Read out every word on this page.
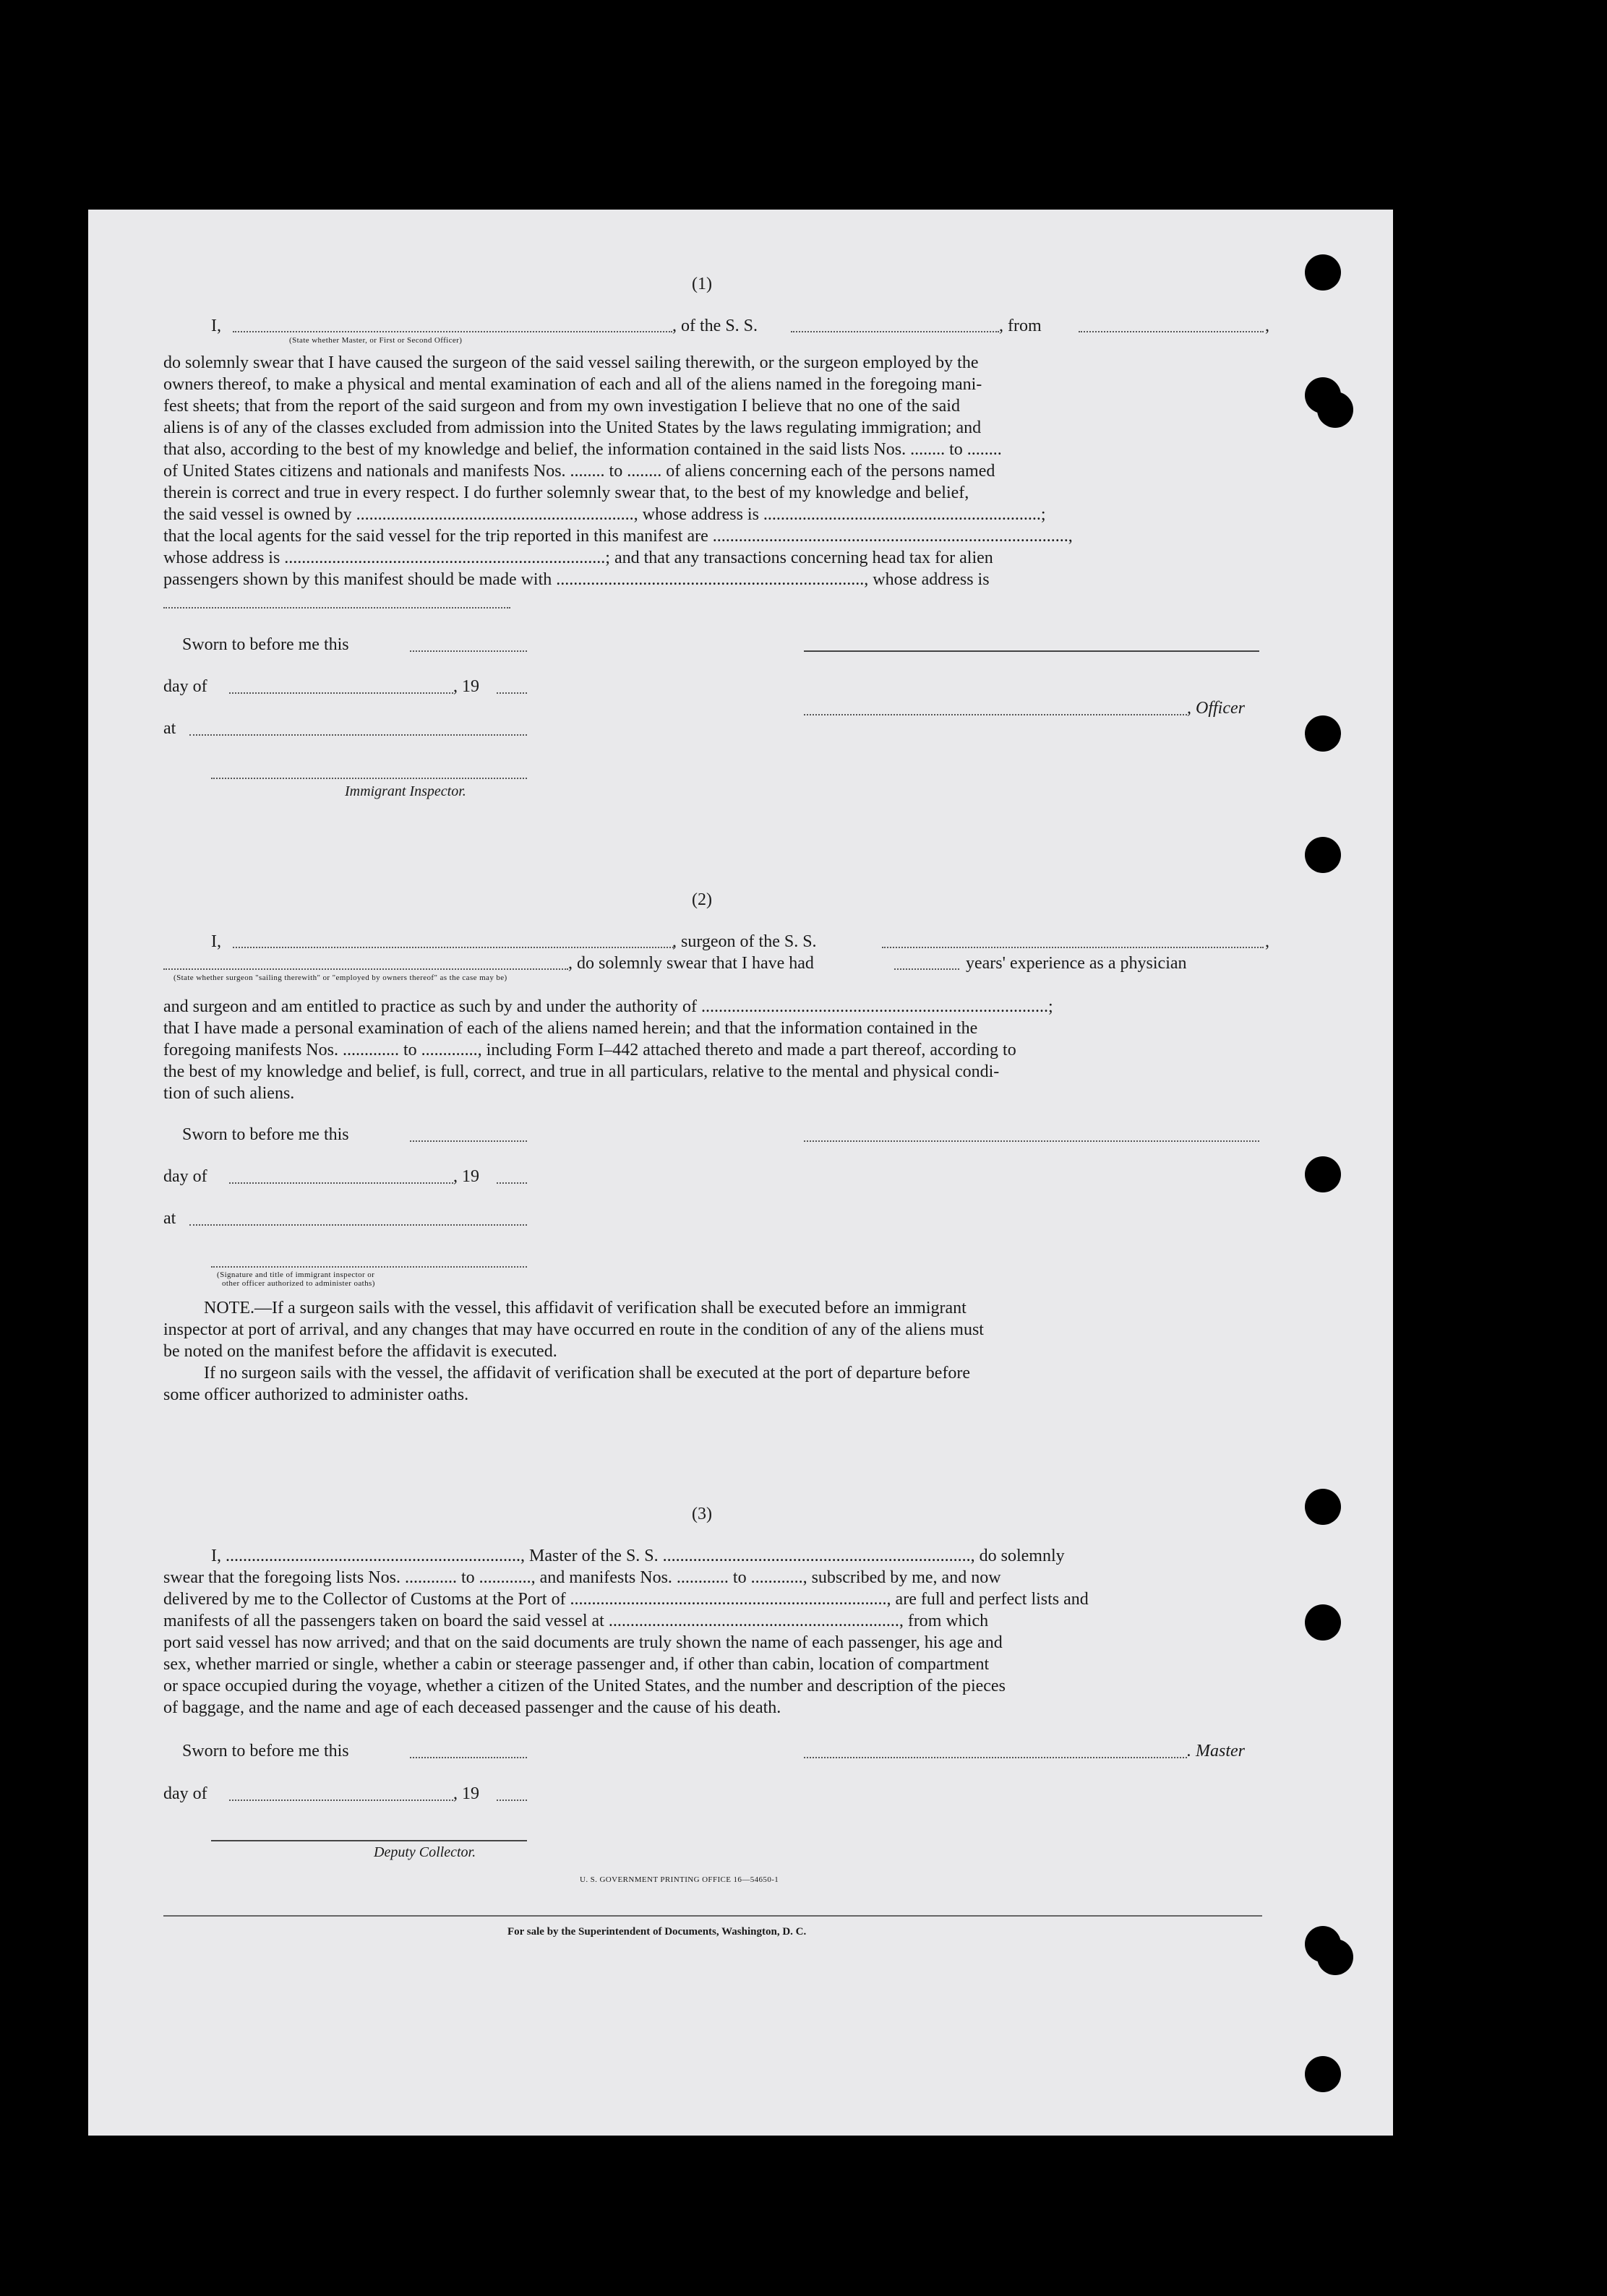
(1)
I,	, of the S. S.	, from	,
(State whether Master, or First or Second Officer)
do solemnly swear that I have caused the surgeon of the said vessel sailing therewith, or the surgeon employed by the
owners thereof, to make a physical and mental examination of each and all of the aliens named in the foregoing mani-
fest sheets; that from the report of the said surgeon and from my own investigation I believe that no one of the said
aliens is of any of the classes excluded from admission into the United States by the laws regulating immigration; and
that also, according to the best of my knowledge and belief, the information contained in the said lists Nos. ........ to ........
of United States citizens and nationals and manifests Nos. ........ to ........ of aliens concerning each of the persons named
therein is correct and true in every respect. I do further solemnly swear that, to the best of my knowledge and belief,
the said vessel is owned by ................................................................, whose address is ................................................................;
that the local agents for the said vessel for the trip reported in this manifest are ..................................................................................,
whose address is ..........................................................................; and that any transactions concerning head tax for alien
passengers shown by this manifest should be made with ......................................................................., whose address is
Sworn to before me this
day of	, 19
, Officer
at
Immigrant Inspector.
(2)
I,	, surgeon of the S. S.	,
, do solemnly swear that I have had	years' experience as a physician
(State whether surgeon "sailing therewith" or "employed by owners thereof" as the case may be)
and surgeon and am entitled to practice as such by and under the authority of ................................................................................;
that I have made a personal examination of each of the aliens named herein; and that the information contained in the
foregoing manifests Nos. ............. to ............., including Form I–442 attached thereto and made a part thereof, according to
the best of my knowledge and belief, is full, correct, and true in all particulars, relative to the mental and physical condi-
tion of such aliens.
Sworn to before me this
day of	, 19
at
(Signature and title of immigrant inspector or
other officer authorized to administer oaths)
NOTE.—If a surgeon sails with the vessel, this affidavit of verification shall be executed before an immigrant
inspector at port of arrival, and any changes that may have occurred en route in the condition of any of the aliens must
be noted on the manifest before the affidavit is executed.
If no surgeon sails with the vessel, the affidavit of verification shall be executed at the port of departure before
some officer authorized to administer oaths.
(3)
I, ...................................................................., Master of the S. S. ......................................................................., do solemnly
swear that the foregoing lists Nos. ............ to ............, and manifests Nos. ............ to ............, subscribed by me, and now
delivered by me to the Collector of Customs at the Port of ........................................................................., are full and perfect lists and
manifests of all the passengers taken on board the said vessel at ..................................................................., from which
port said vessel has now arrived; and that on the said documents are truly shown the name of each passenger, his age and
sex, whether married or single, whether a cabin or steerage passenger and, if other than cabin, location of compartment
or space occupied during the voyage, whether a citizen of the United States, and the number and description of the pieces
of baggage, and the name and age of each deceased passenger and the cause of his death.
Sworn to before me this	. Master
day of	, 19
Deputy Collector.
U. S. GOVERNMENT PRINTING OFFICE 16—54650-1
For sale by the Superintendent of Documents, Washington, D. C.
